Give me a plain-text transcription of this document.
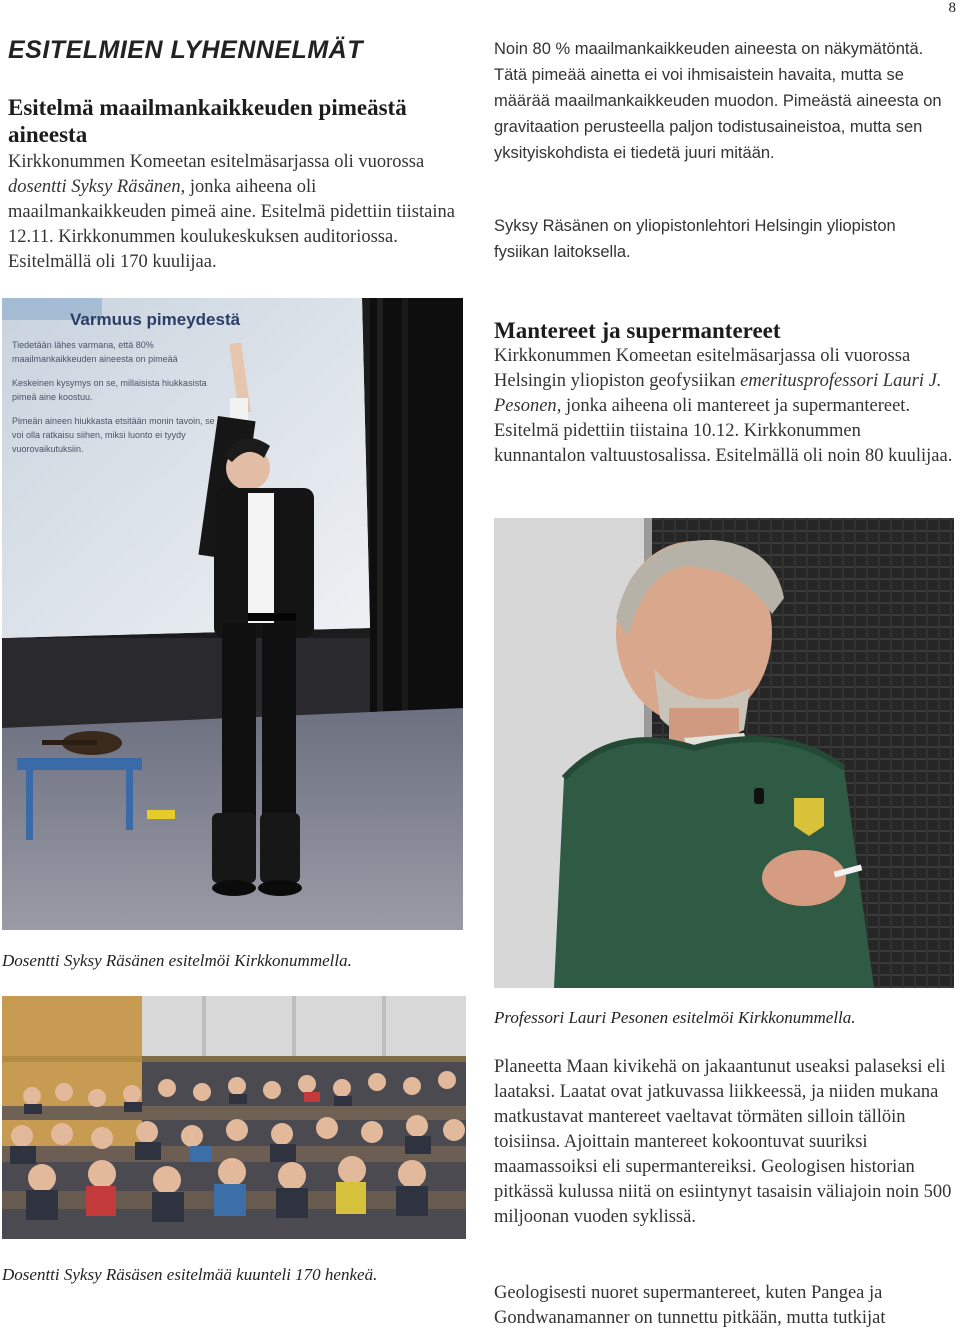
8
ESITELMIEN LYHENNELMÄT
Esitelmä maailmankaikkeuden pimeästä aineesta

Kirkkonummen Komeetan esitelmäsarjassa oli vuorossa dosentti Syksy Räsänen, jonka aiheena oli maailmankaikkeuden pimeä aine. Esitelmä pidettiin tiistaina 12.11. Kirkkonummen koulukeskuksen auditoriossa. Esitelmällä oli 170 kuulijaa.

Noin 80 % maailmankaikkeuden aineesta on näkymätöntä. Tätä pimeää ainetta ei voi ihmisaistein havaita, mutta se määrää maailmankaikkeuden muodon. Pimeästä aineesta on gravitaation perusteella paljon todistusaineistoa, mutta sen yksityiskohdista ei tiedetä juuri mitään.

Syksy Räsänen on yliopistonlehtori Helsingin yliopiston fysiikan laitoksella.

Varmuus pimeydestä
Tiedetään lähes varmana, että 80%
maailmankaikkeuden aineesta on pimeää
Keskeinen kysymys on se, millaisista hiukkasista
pimeä aine koostuu.
Pimeän aineen hiukkasta etsitään monin tavoin, se
voi olla ratkaisu siihen, miksi luonto ei tyydy
vuorovaikutuksiin.
Dosentti Syksy Räsänen esitelmöi Kirkkonummella.
Dosentti Syksy Räsäsen esitelmää kuunteli 170 henkeä.
Mantereet ja supermantereet

Kirkkonummen Komeetan esitelmäsarjassa oli vuorossa Helsingin yliopiston geofysiikan emeritusprofessori Lauri J. Pesonen, jonka aiheena oli mantereet ja supermantereet. Esitelmä pidettiin tiistaina 10.12. Kirkkonummen kunnantalon valtuustosalissa. Esitelmällä oli noin 80 kuulijaa.

Professori Lauri Pesonen esitelmöi Kirkkonummella.

Planeetta Maan kivikehä on jakaantunut useaksi palaseksi eli laataksi. Laatat ovat jatkuvassa liikkeessä, ja niiden mukana matkustavat mantereet vaeltavat törmäten silloin tällöin toisiinsa. Ajoittain mantereet kokoontuvat suuriksi maamassoiksi eli supermantereiksi. Geologisen historian pitkässä kulussa niitä on esiintynyt tasaisin väliajoin noin 500 miljoonan vuoden syklissä.

Geologisesti nuoret supermantereet, kuten Pangea ja Gondwanamanner on tunnettu pitkään, mutta tutkijat
